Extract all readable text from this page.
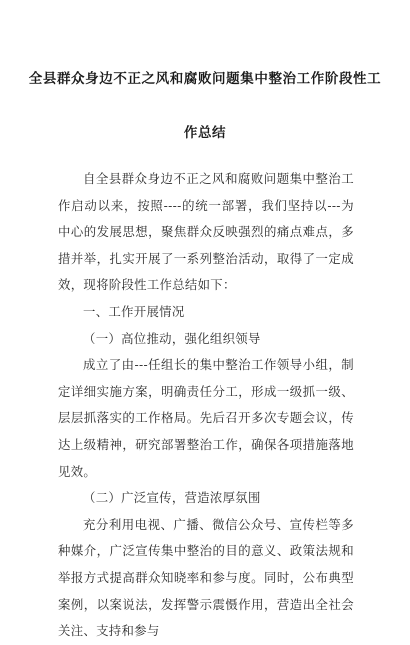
全县群众身边不正之风和腐败问题集中整治工作阶段性工
作总结

自全县群众身边不正之风和腐败问题集中整治工作启动以来，按照----的统一部署，我们坚持以---为中心的发展思想，聚焦群众反映强烈的痛点难点，多措并举，扎实开展了一系列整治活动，取得了一定成效，现将阶段性工作总结如下：

一、工作开展情况

（一）高位推动，强化组织领导

成立了由---任组长的集中整治工作领导小组，制定详细实施方案，明确责任分工，形成一级抓一级、层层抓落实的工作格局。先后召开多次专题会议，传达上级精神，研究部署整治工作，确保各项措施落地见效。

（二）广泛宣传，营造浓厚氛围

充分利用电视、广播、微信公众号、宣传栏等多种媒介，广泛宣传集中整治的目的意义、政策法规和举报方式提高群众知晓率和参与度。同时，公布典型案例，以案说法，发挥警示震慑作用，营造出全社会关注、支持和参与
